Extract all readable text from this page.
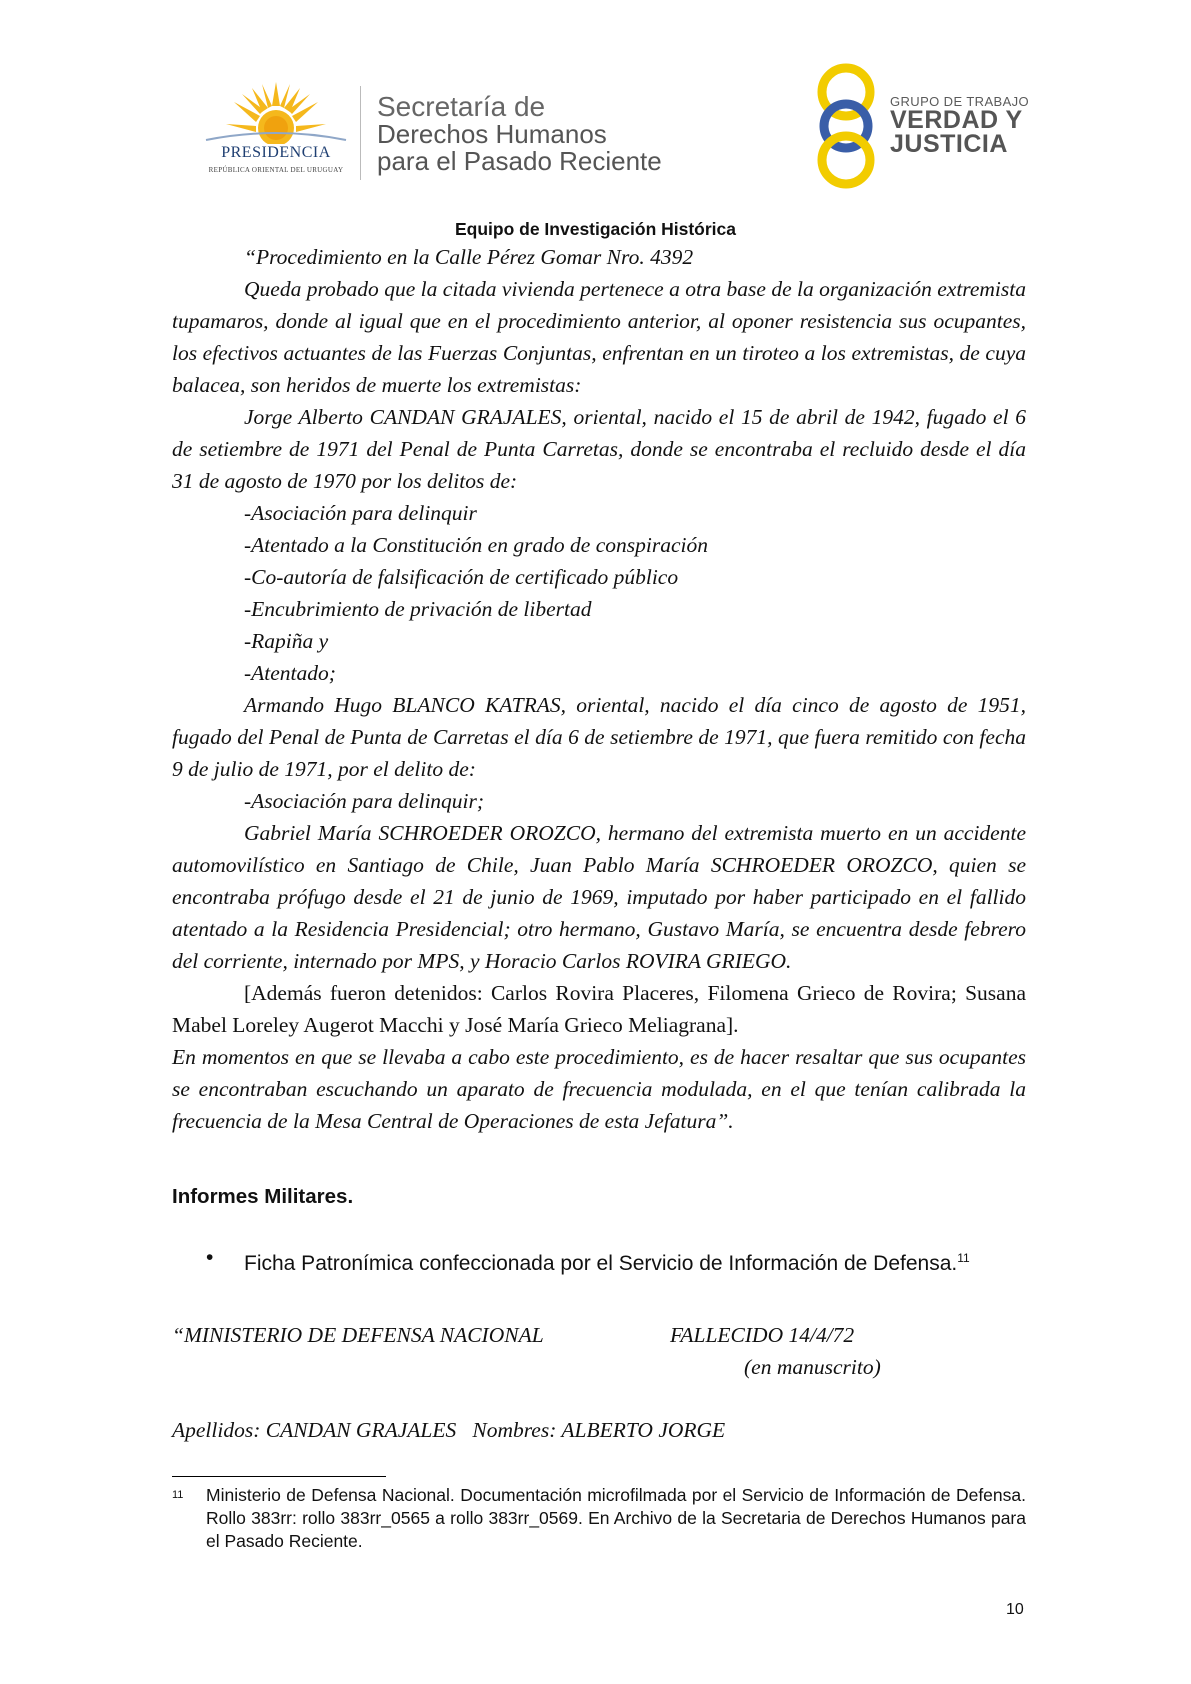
PRESIDENCIA
REPÚBLICA ORIENTAL DEL URUGUAY
Secretaría de
Derechos Humanos
para el Pasado Reciente
GRUPO DE TRABAJO
VERDAD Y
JUSTICIA
Equipo de Investigación Histórica

“Procedimiento en la Calle Pérez Gomar Nro. 4392

Queda probado que la citada vivienda pertenece a otra base de la organización extremista tupamaros, donde al igual que en el procedimiento anterior, al oponer resistencia sus ocupantes, los efectivos actuantes de las Fuerzas Conjuntas, enfrentan en un tiroteo a los extremistas, de cuya balacea, son heridos de muerte los extremistas:

Jorge Alberto CANDAN GRAJALES, oriental, nacido el 15 de abril de 1942, fugado el 6 de setiembre de 1971 del Penal de Punta Carretas, donde se encontraba el recluido desde el día 31 de agosto de 1970 por los delitos de:

-Asociación para delinquir

-Atentado a la Constitución en grado de conspiración

-Co-autoría de falsificación de certificado público

-Encubrimiento de privación de libertad

-Rapiña y

-Atentado;

Armando Hugo BLANCO KATRAS, oriental, nacido el día cinco de agosto de 1951, fugado del Penal de Punta de Carretas el día 6 de setiembre de 1971, que fuera remitido con fecha 9 de julio de 1971, por el delito de:

-Asociación para delinquir;

Gabriel María SCHROEDER OROZCO, hermano del extremista muerto en un accidente automovilístico en Santiago de Chile, Juan Pablo María SCHROEDER OROZCO, quien se encontraba prófugo desde el 21 de junio de 1969, imputado por haber participado en el fallido atentado a la Residencia Presidencial; otro hermano, Gustavo María, se encuentra desde febrero del corriente, internado por MPS, y Horacio Carlos ROVIRA GRIEGO.

[Además fueron detenidos: Carlos Rovira Placeres, Filomena Grieco de Rovira; Susana Mabel Loreley Augerot Macchi y José María Grieco Meliagrana].

En momentos en que se llevaba a cabo este procedimiento, es de hacer resaltar que sus ocupantes se encontraban escuchando un aparato de frecuencia modulada, en el que tenían calibrada la frecuencia de la Mesa Central de Operaciones de esta Jefatura”.

Informes Militares.
• Ficha Patronímica confeccionada por el Servicio de Información de Defensa.$^{11}$
“MINISTERIO DE DEFENSA NACIONAL	FALLECIDO 14/4/72
(en manuscrito)
Apellidos: CANDAN GRAJALES   Nombres: ALBERTO JORGE
11 Ministerio de Defensa Nacional. Documentación microfilmada por el Servicio de Información de Defensa. Rollo 383rr: rollo 383rr_0565 a rollo 383rr_0569. En Archivo de la Secretaria de Derechos Humanos para el Pasado Reciente.
10
